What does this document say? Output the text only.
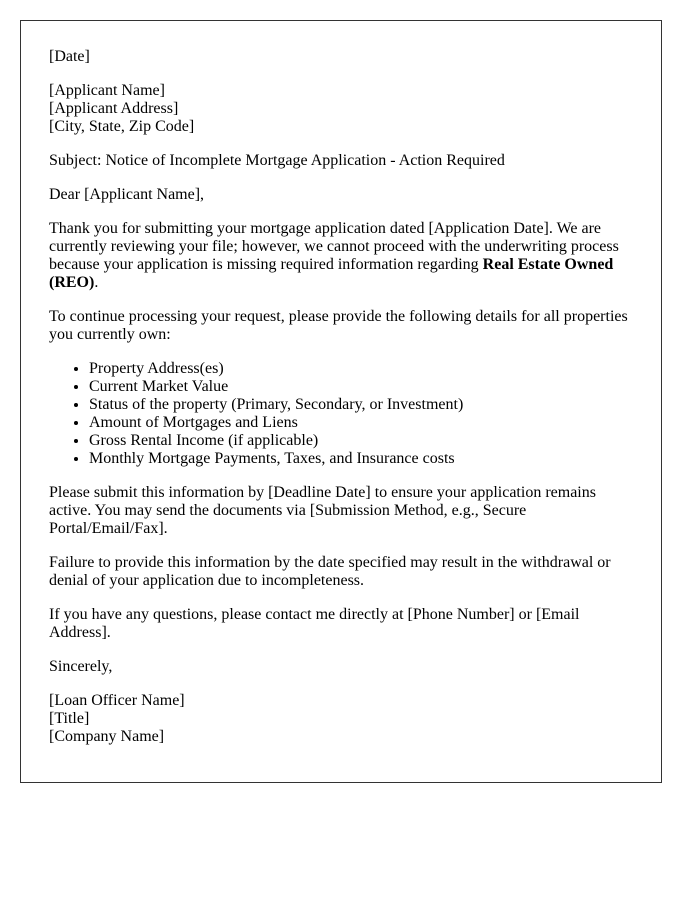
[Date]

[Applicant Name]
[Applicant Address]
[City, State, Zip Code]

Subject: Notice of Incomplete Mortgage Application - Action Required

Dear [Applicant Name],

Thank you for submitting your mortgage application dated [Application Date]. We are currently reviewing your file; however, we cannot proceed with the underwriting process because your application is missing required information regarding Real Estate Owned (REO).

To continue processing your request, please provide the following details for all properties you currently own:

• Property Address(es)
• Current Market Value
• Status of the property (Primary, Secondary, or Investment)
• Amount of Mortgages and Liens
• Gross Rental Income (if applicable)
• Monthly Mortgage Payments, Taxes, and Insurance costs

Please submit this information by [Deadline Date] to ensure your application remains active. You may send the documents via [Submission Method, e.g., Secure Portal/Email/Fax].

Failure to provide this information by the date specified may result in the withdrawal or denial of your application due to incompleteness.

If you have any questions, please contact me directly at [Phone Number] or [Email Address].

Sincerely,

[Loan Officer Name]
[Title]
[Company Name]
